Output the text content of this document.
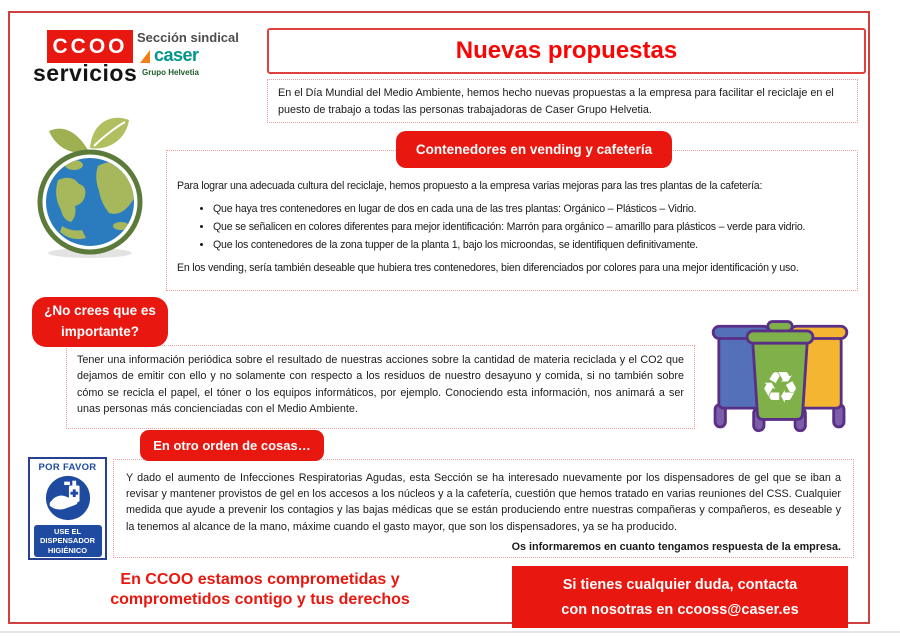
CCOO
servicios
Sección sindical
caser
Grupo Helvetia
Nuevas propuestas
En el Día Mundial del Medio Ambiente, hemos hecho nuevas propuestas a la empresa para facilitar el reciclaje en el puesto de trabajo a todas las personas trabajadoras de Caser Grupo Helvetia.
Contenedores en vending y cafetería
Para lograr una adecuada cultura del reciclaje, hemos propuesto a la empresa varias mejoras para las tres plantas de la cafetería:
• Que haya tres contenedores en lugar de dos en cada una de las tres plantas: Orgánico – Plásticos – Vidrio.
• Que se señalicen en colores diferentes para mejor identificación: Marrón para orgánico – amarillo para plásticos – verde para vidrio.
• Que los contenedores de la zona tupper de la planta 1, bajo los microondas, se identifiquen definitivamente.
En los vending, sería también deseable que hubiera tres contenedores, bien diferenciados por colores para una mejor identificación y uso.
¿No crees que es importante?
Tener una información periódica sobre el resultado de nuestras acciones sobre la cantidad de materia reciclada y el CO2 que dejamos de emitir con ello y no solamente con respecto a los residuos de nuestro desayuno y comida, si no también sobre cómo se recicla el papel, el tóner o los equipos informáticos, por ejemplo. Conociendo esta información, nos animará a ser unas personas más concienciadas con el Medio Ambiente.	♻
En otro orden de cosas…
Y dado el aumento de Infecciones Respiratorias Agudas, esta Sección se ha interesado nuevamente por los dispensadores de gel que se iban a revisar y mantener provistos de gel en los accesos a los núcleos y a la cafetería, cuestión que hemos tratado en varias reuniones del CSS. Cualquier medida que ayude a prevenir los contagios y las bajas médicas que se están produciendo entre nuestras compañeras y compañeros, es deseable y la tenemos al alcance de la mano, máxime cuando el gasto mayor, que son los dispensadores, ya se ha producido.
Os informaremos en cuanto tengamos respuesta de la empresa.
POR FAVOR
USE EL DISPENSADOR HIGIÉNICO
En CCOO estamos comprometidas y
comprometidos contigo y tus derechos
Si tienes cualquier duda, contacta
con nosotras en ccooss@caser.es
